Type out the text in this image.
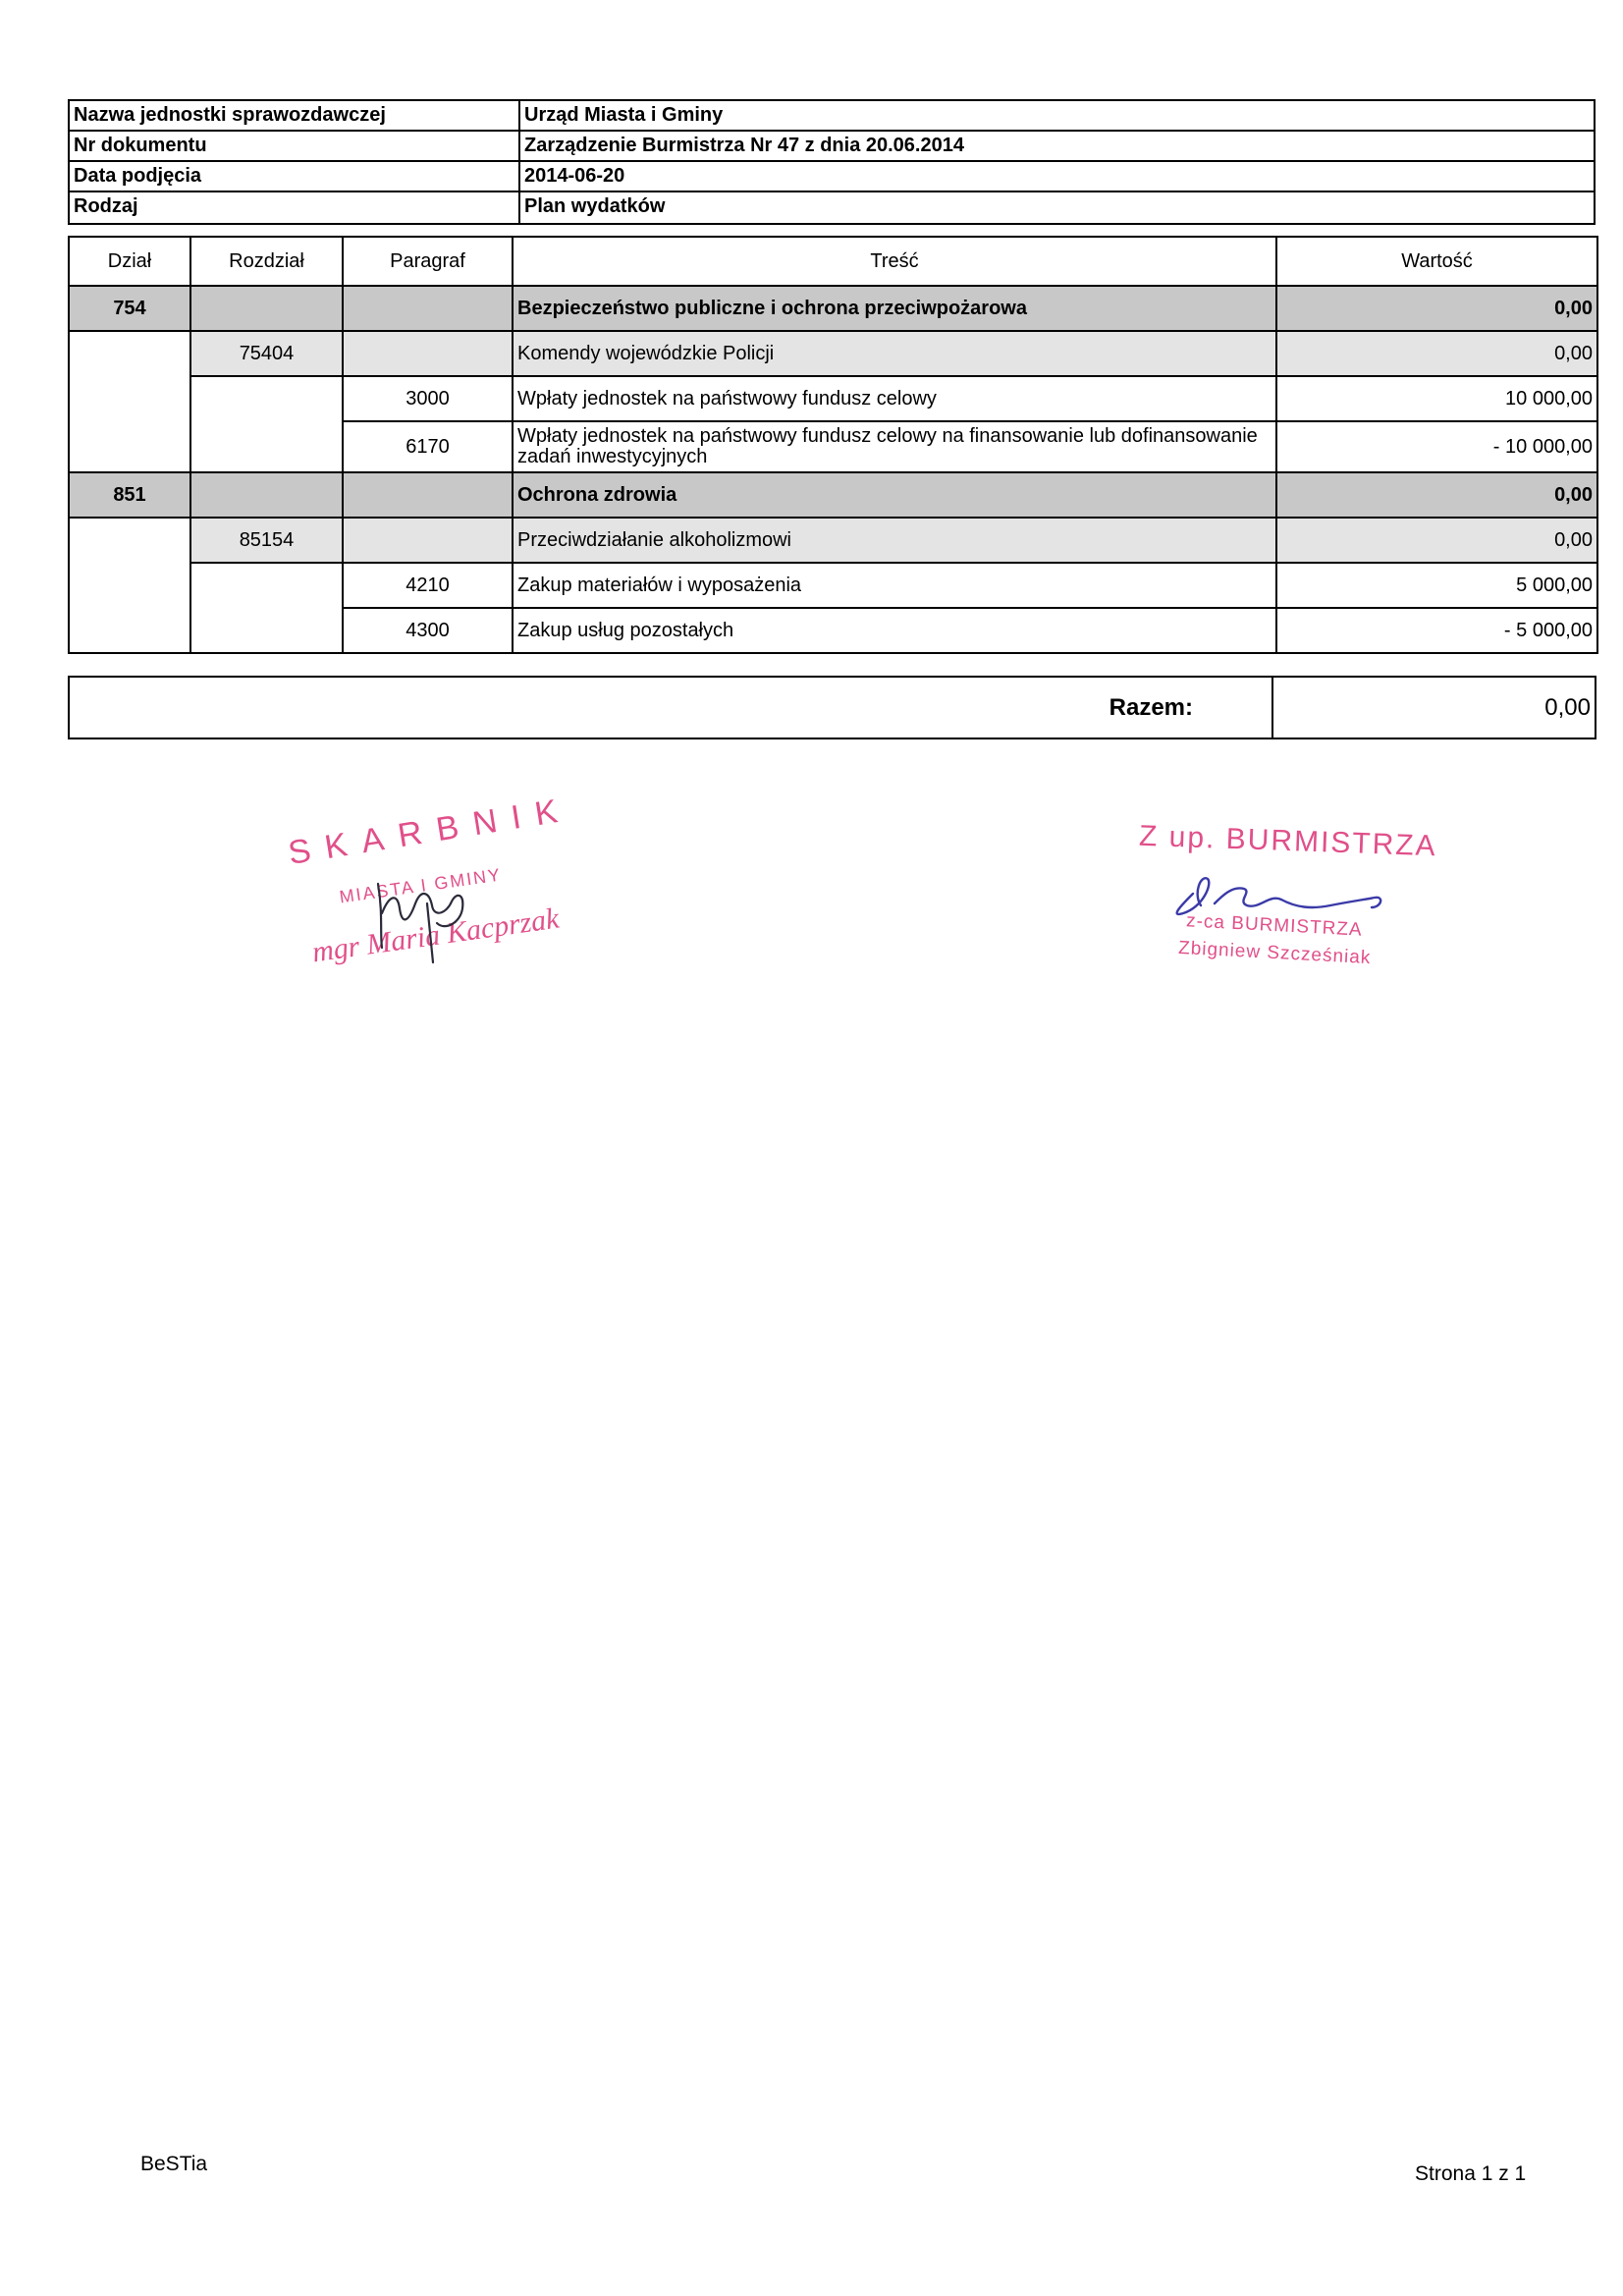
Nazwa jednostki sprawozdawczej	Urząd Miasta i Gminy
Nr dokumentu	Zarządzenie Burmistrza Nr 47 z dnia 20.06.2014
Data podjęcia	2014-06-20
Rodzaj	Plan wydatków
Dział	Rozdział	Paragraf	Treść	Wartość
754			Bezpieczeństwo publiczne i ochrona przeciwpożarowa	0,00
	75404		Komendy wojewódzkie Policji	0,00
		3000	Wpłaty jednostek na państwowy fundusz celowy	10 000,00
		6170	Wpłaty jednostek na państwowy fundusz celowy na finansowanie lub dofinansowanie zadań inwestycyjnych	- 10 000,00
851			Ochrona zdrowia	0,00
	85154		Przeciwdziałanie alkoholizmowi	0,00
		4210	Zakup materiałów i wyposażenia	5 000,00
		4300	Zakup usług pozostałych	- 5 000,00
Razem:	0,00
SKARBNIK
MIASTA I GMINY
mgr Maria Kacprzak
Z up. BURMISTRZA
z-ca BURMISTRZA
Zbigniew Szcześniak
BeSTia	Strona 1 z 1
